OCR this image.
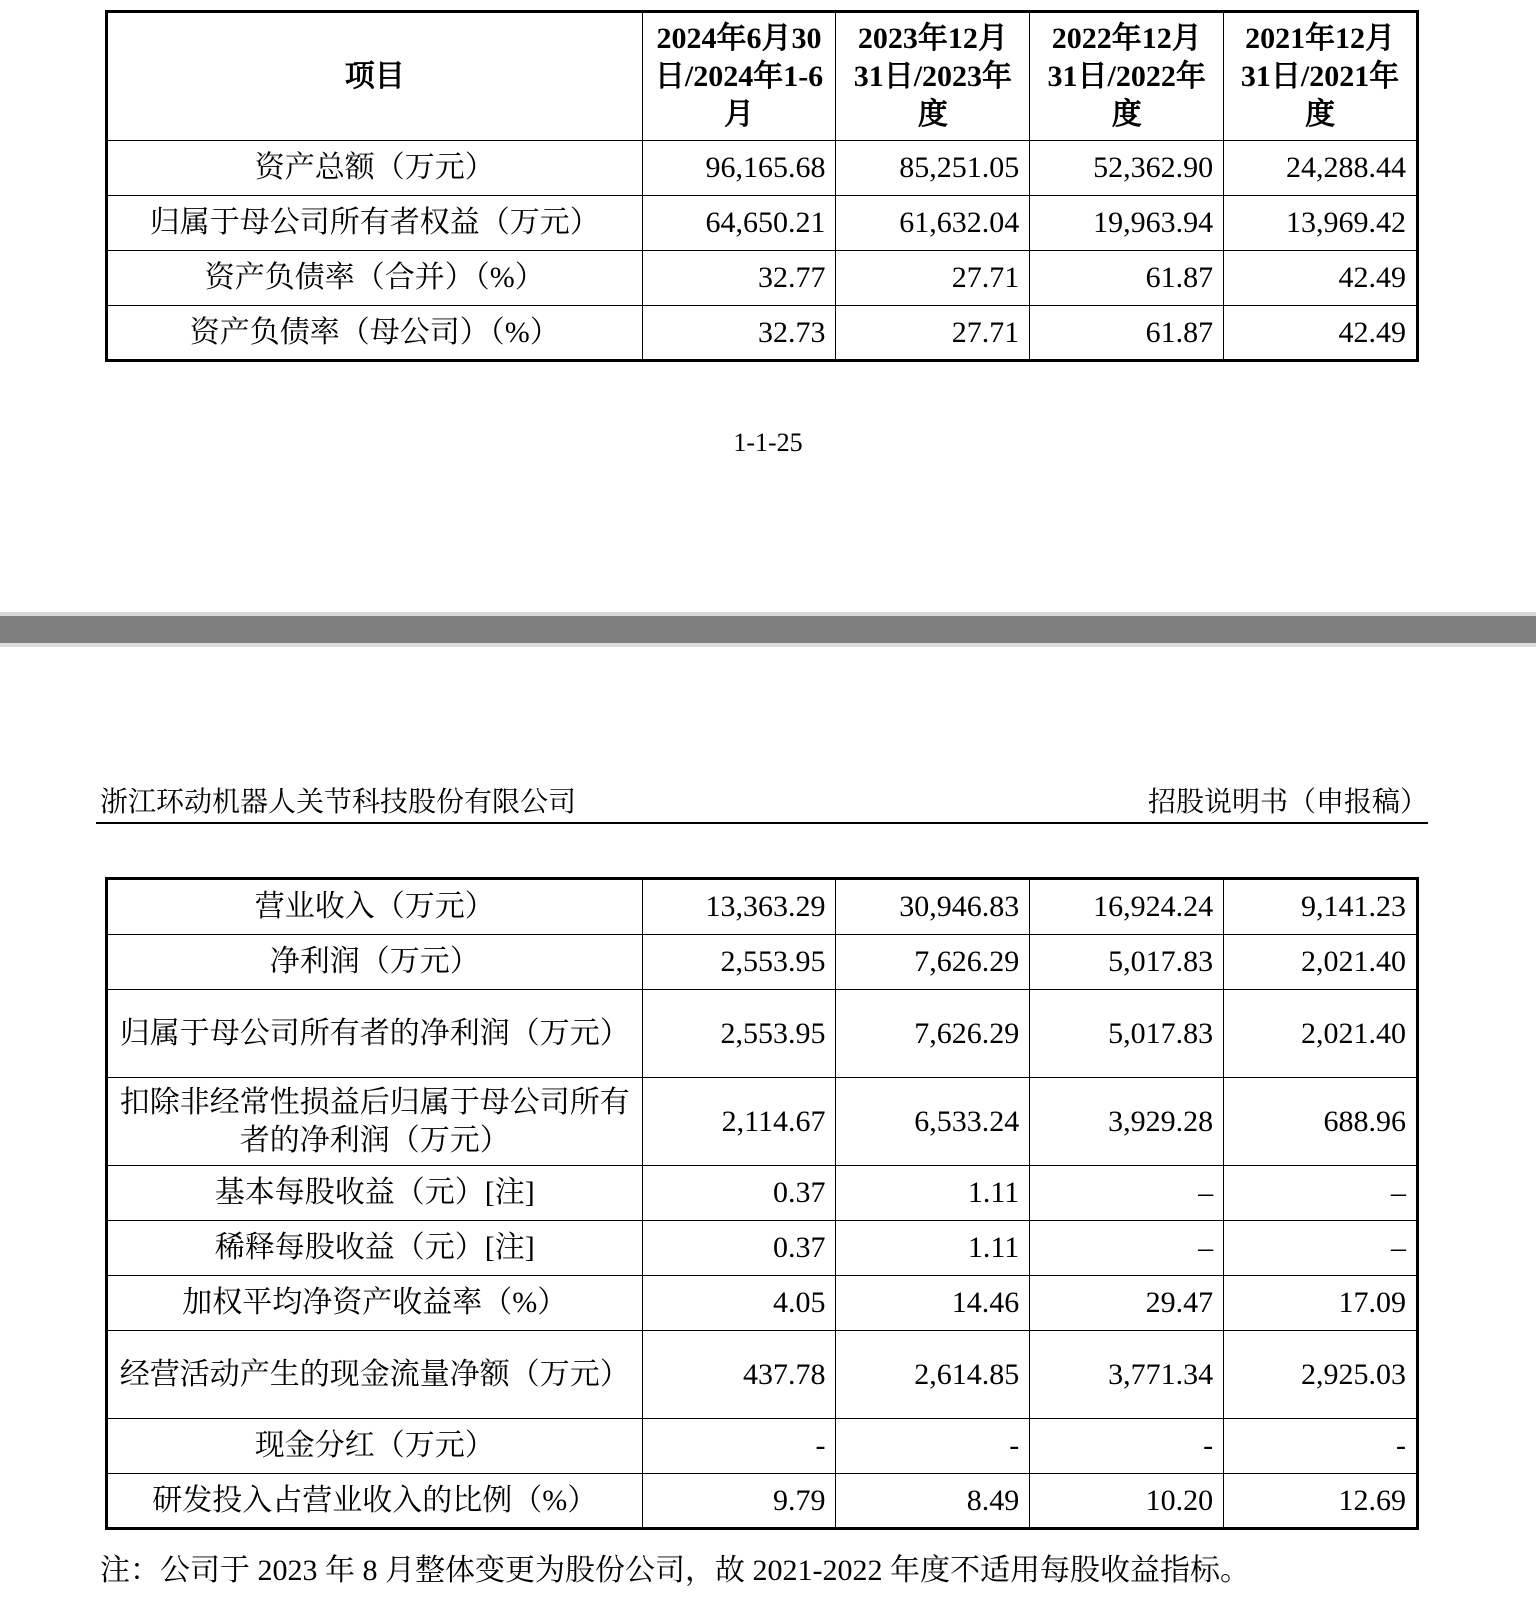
项目	2024年6月30日/2024年1-6月	2023年12月31日/2023年度	2022年12月31日/2022年度	2021年12月31日/2021年度
资产总额（万元）	96,165.68	85,251.05	52,362.90	24,288.44
归属于母公司所有者权益（万元）	64,650.21	61,632.04	19,963.94	13,969.42
资产负债率（合并）（%）	32.77	27.71	61.87	42.49
资产负债率（母公司）（%）	32.73	27.71	61.87	42.49
1-1-25
浙江环动机器人关节科技股份有限公司	招股说明书（申报稿）
营业收入（万元）	13,363.29	30,946.83	16,924.24	9,141.23
净利润（万元）	2,553.95	7,626.29	5,017.83	2,021.40
归属于母公司所有者的净利润（万元）	2,553.95	7,626.29	5,017.83	2,021.40
扣除非经常性损益后归属于母公司所有者的净利润（万元）	2,114.67	6,533.24	3,929.28	688.96
基本每股收益（元）[注]	0.37	1.11	–	–
稀释每股收益（元）[注]	0.37	1.11	–	–
加权平均净资产收益率（%）	4.05	14.46	29.47	17.09
经营活动产生的现金流量净额（万元）	437.78	2,614.85	3,771.34	2,925.03
现金分红（万元）	-	-	-	-
研发投入占营业收入的比例（%）	9.79	8.49	10.20	12.69
注：公司于 2023 年 8 月整体变更为股份公司，故 2021-2022 年度不适用每股收益指标。
